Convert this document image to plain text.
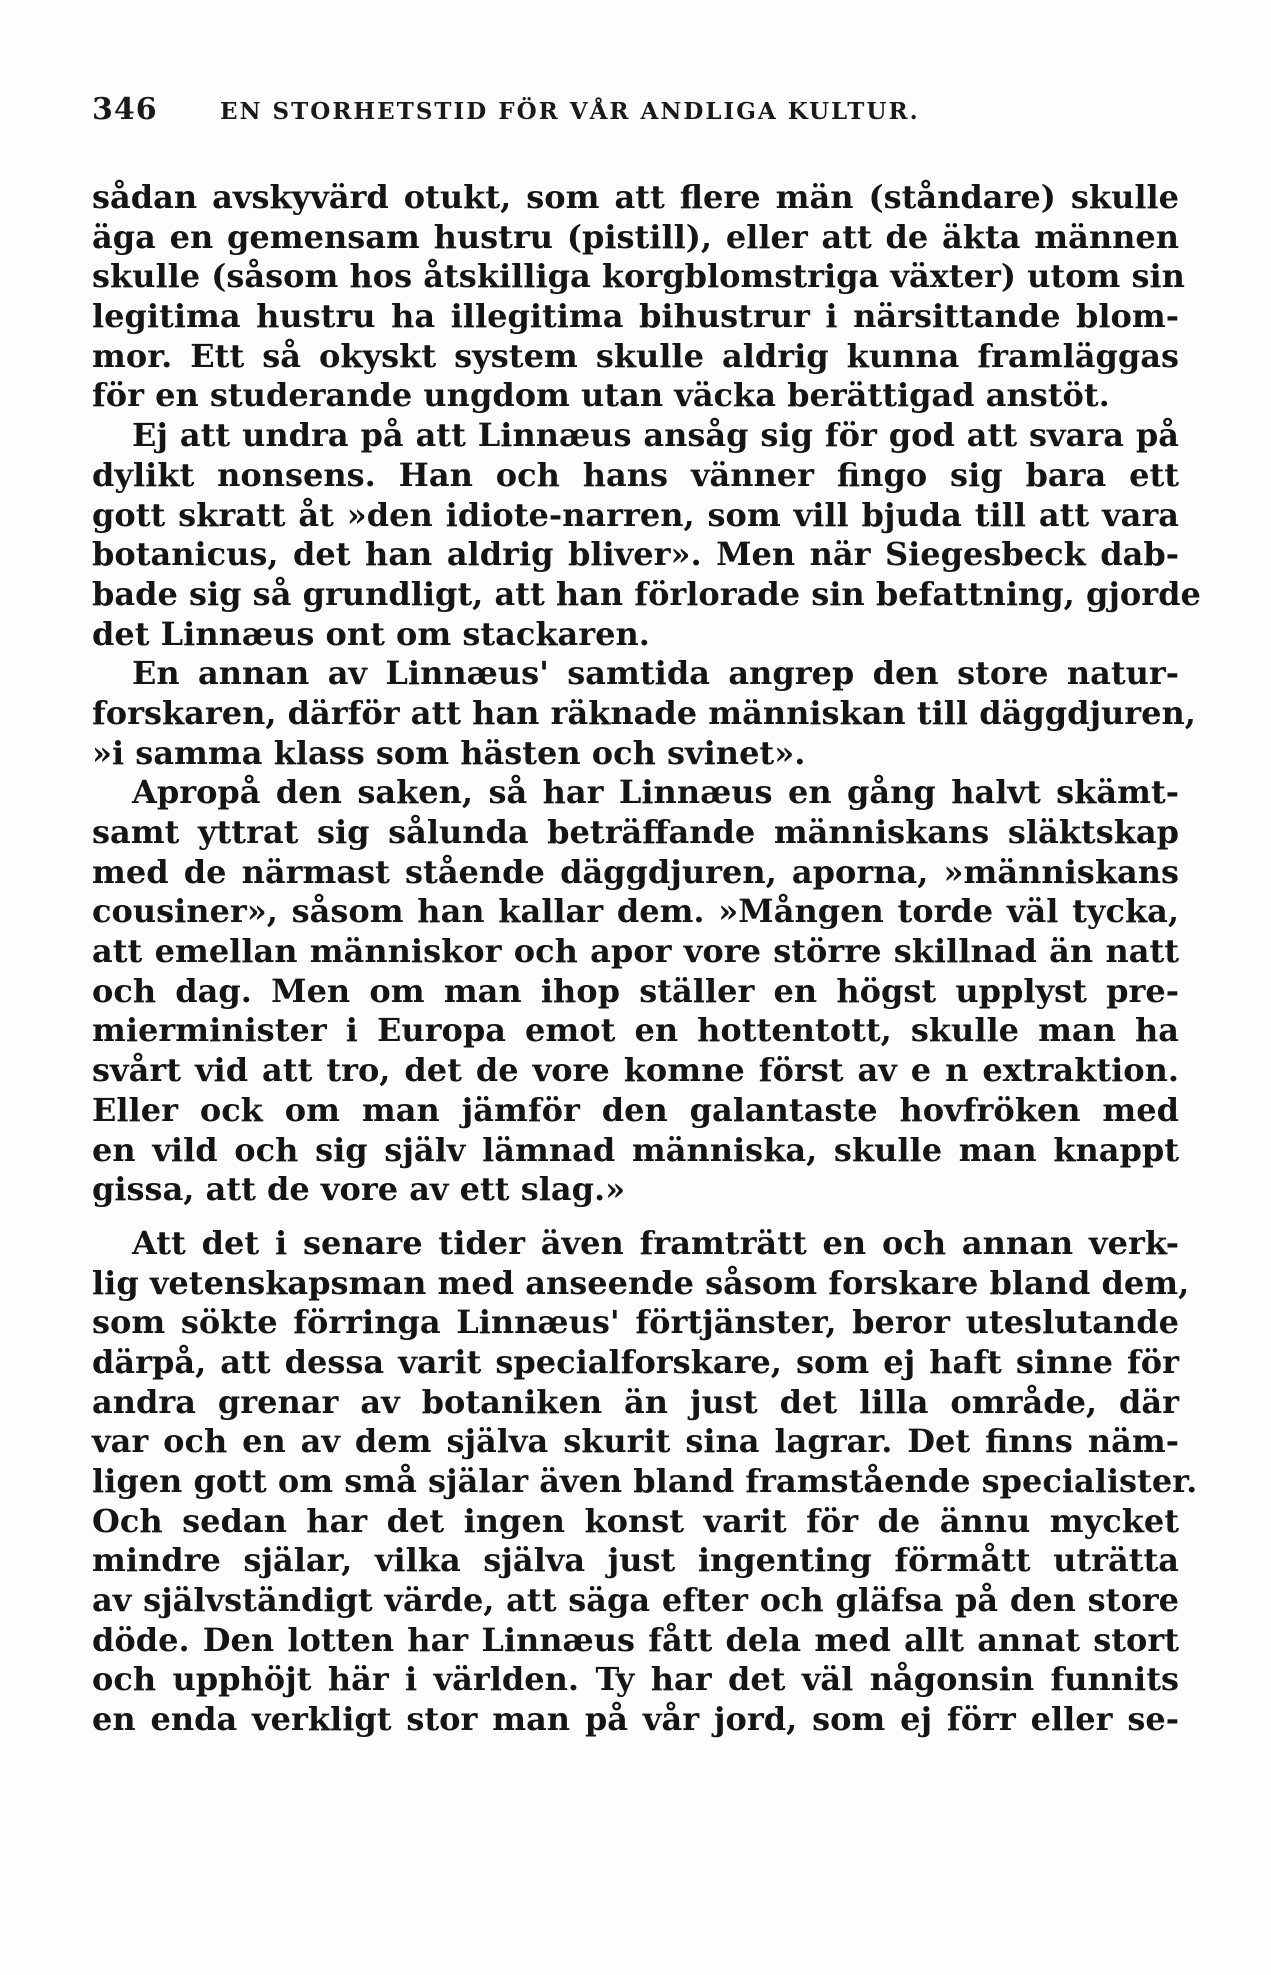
346	EN STORHETSTID FÖR VÅR ANDLIGA KULTUR.
sådan avskyvärd otukt, som att flere män (ståndare) skulle
äga en gemensam hustru (pistill), eller att de äkta männen
skulle (såsom hos åtskilliga korgblomstriga växter) utom sin
legitima hustru ha illegitima bihustrur i närsittande blom-
mor. Ett så okyskt system skulle aldrig kunna framläggas
för en studerande ungdom utan väcka berättigad anstöt.
Ej att undra på att Linnæus ansåg sig för god att svara på
dylikt nonsens. Han och hans vänner fingo sig bara ett
gott skratt åt »den idiote-narren, som vill bjuda till att vara
botanicus, det han aldrig bliver». Men när Siegesbeck dab-
bade sig så grundligt, att han förlorade sin befattning, gjorde
det Linnæus ont om stackaren.
En annan av Linnæus' samtida angrep den store natur-
forskaren, därför att han räknade människan till däggdjuren,
»i samma klass som hästen och svinet».
Apropå den saken, så har Linnæus en gång halvt skämt-
samt yttrat sig sålunda beträffande människans släktskap
med de närmast stående däggdjuren, aporna, »människans
cousiner», såsom han kallar dem. »Mången torde väl tycka,
att emellan människor och apor vore större skillnad än natt
och dag. Men om man ihop ställer en högst upplyst pre-
mierminister i Europa emot en hottentott, skulle man ha
svårt vid att tro, det de vore komne först av e n extraktion.
Eller ock om man jämför den galantaste hovfröken med
en vild och sig själv lämnad människa, skulle man knappt
gissa, att de vore av ett slag.»
Att det i senare tider även framträtt en och annan verk-
lig vetenskapsman med anseende såsom forskare bland dem,
som sökte förringa Linnæus' förtjänster, beror uteslutande
därpå, att dessa varit specialforskare, som ej haft sinne för
andra grenar av botaniken än just det lilla område, där
var och en av dem själva skurit sina lagrar. Det finns näm-
ligen gott om små själar även bland framstående specialister.
Och sedan har det ingen konst varit för de ännu mycket
mindre själar, vilka själva just ingenting förmått uträtta
av självständigt värde, att säga efter och gläfsa på den store
döde. Den lotten har Linnæus fått dela med allt annat stort
och upphöjt här i världen. Ty har det väl någonsin funnits
en enda verkligt stor man på vår jord, som ej förr eller se-
